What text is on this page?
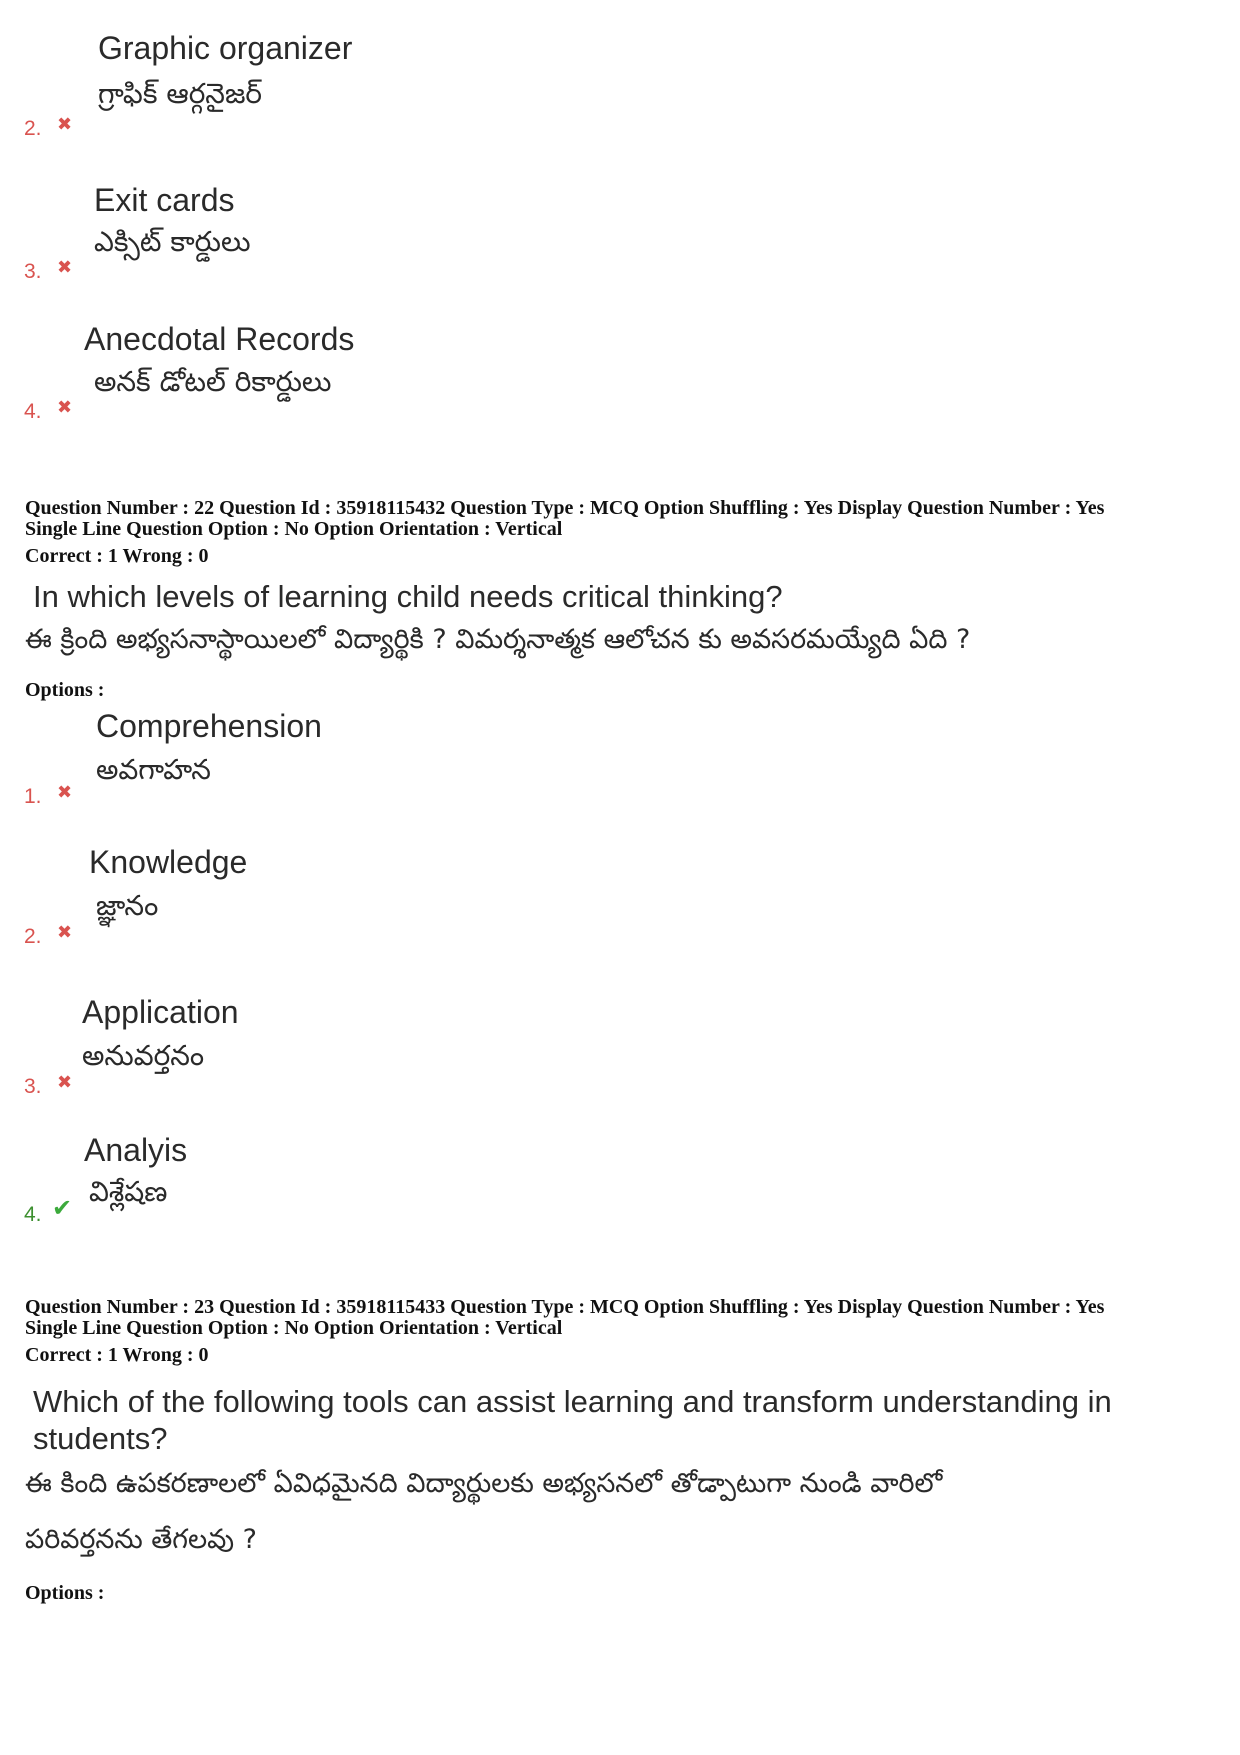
Graphic organizer
గ్రాఫిక్ ఆర్గనైజర్
2. ✖
Exit cards
ఎక్సిట్ కార్డులు
3. ✖
Anecdotal Records
అనక్ డోటల్ రికార్డులు
4. ✖
Question Number : 22 Question Id : 35918115432 Question Type : MCQ Option Shuffling : Yes Display Question Number : Yes
Single Line Question Option : No Option Orientation : Vertical
Correct : 1 Wrong : 0
In which levels of learning child needs critical thinking?
ఈ క్రింది అభ్యసనాస్థాయిలలో విద్యార్థికి ? విమర్శనాత్మక ఆలోచన కు అవసరమయ్యేది ఏది ?
Options :
Comprehension
అవగాహన
1. ✖
Knowledge
జ్ఞానం
2. ✖
Application
అనువర్తనం
3. ✖
Analyis
విశ్లేషణ
4. ✔
Question Number : 23 Question Id : 35918115433 Question Type : MCQ Option Shuffling : Yes Display Question Number : Yes
Single Line Question Option : No Option Orientation : Vertical
Correct : 1 Wrong : 0
Which of the following tools can assist learning and transform understanding in students?
ఈ కింది ఉపకరణాలలో ఏవిధమైనది విద్యార్థులకు అభ్యసనలో తోడ్పాటుగా నుండి వారిలో
పరివర్తనను తేగలవు ?
Options :
